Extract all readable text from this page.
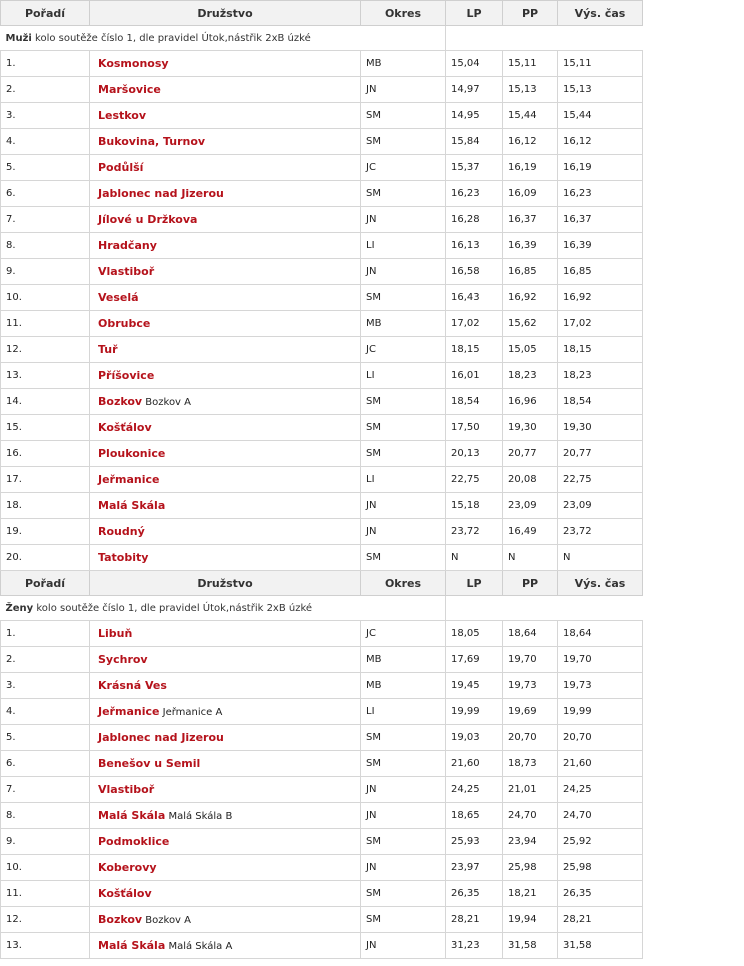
Pořadí	Družstvo	Okres	LP	PP	Výs. čas
Muži kolo soutěže číslo 1, dle pravidel Útok,nástřik 2xB úzké					
1.	Kosmonosy	MB	15,04	15,11	15,11
2.	Maršovice	JN	14,97	15,13	15,13
3.	Lestkov	SM	14,95	15,44	15,44
4.	Bukovina, Turnov	SM	15,84	16,12	16,12
5.	Podůlší	JC	15,37	16,19	16,19
6.	Jablonec nad Jizerou	SM	16,23	16,09	16,23
7.	Jílové u Držkova	JN	16,28	16,37	16,37
8.	Hradčany	LI	16,13	16,39	16,39
9.	Vlastiboř	JN	16,58	16,85	16,85
10.	Veselá	SM	16,43	16,92	16,92
11.	Obrubce	MB	17,02	15,62	17,02
12.	Tuř	JC	18,15	15,05	18,15
13.	Příšovice	LI	16,01	18,23	18,23
14.	Bozkov Bozkov A	SM	18,54	16,96	18,54
15.	Košťálov	SM	17,50	19,30	19,30
16.	Ploukonice	SM	20,13	20,77	20,77
17.	Jeřmanice	LI	22,75	20,08	22,75
18.	Malá Skála	JN	15,18	23,09	23,09
19.	Roudný	JN	23,72	16,49	23,72
20.	Tatobity	SM	N	N	N
Pořadí	Družstvo	Okres	LP	PP	Výs. čas
Ženy kolo soutěže číslo 1, dle pravidel Útok,nástřik 2xB úzké					
1.	Libuň	JC	18,05	18,64	18,64
2.	Sychrov	MB	17,69	19,70	19,70
3.	Krásná Ves	MB	19,45	19,73	19,73
4.	Jeřmanice Jeřmanice A	LI	19,99	19,69	19,99
5.	Jablonec nad Jizerou	SM	19,03	20,70	20,70
6.	Benešov u Semil	SM	21,60	18,73	21,60
7.	Vlastiboř	JN	24,25	21,01	24,25
8.	Malá Skála Malá Skála B	JN	18,65	24,70	24,70
9.	Podmoklice	SM	25,93	23,94	25,92
10.	Koberovy	JN	23,97	25,98	25,98
11.	Košťálov	SM	26,35	18,21	26,35
12.	Bozkov Bozkov A	SM	28,21	19,94	28,21
13.	Malá Skála Malá Skála A	JN	31,23	31,58	31,58
